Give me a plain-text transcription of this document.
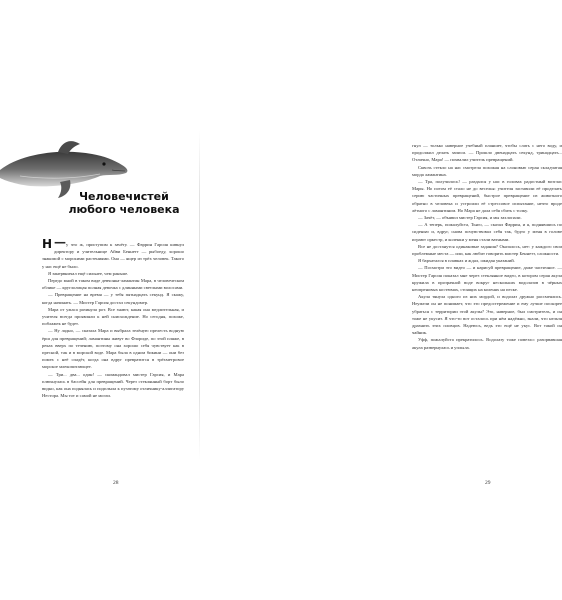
Человечистей
любого человека

—
Н	у что ж, приступим к зачёту. — Фаррин Гарсия кивнул директору и учительнице Айви Беннетт — рыбоеду, хорошо знакомой с морскими растениями. Она — ящер из трёх человек. Такого у нас ещё не было.

Я занервничал ещё сильнее, чем раньше.

Передо мной в таком виде девчонка-ламантин Мара, в человеческом облике — круглолицая полная девочка с длинными светлыми волосами.

— Превращение на время — у тебя пятнадцать секунд. Я скажу, когда начинать. — Мистер Гарсия достал секундомер.

Мара от ужаса разинула рот. Все знают, какая она медлительная, и учителя всегда проявляли к ней снисхождение. Но сегодня, похоже, поблажек не будет.

— Ну ладно, — сказала Мара и выбрала зелёную прелесть водную ёрш для превращений; ламантины живут во Флориде, по этой пляже, в реках вверх по течению, поэтому она хорошо себя чувствует как в пресной, так и в морской воде. Мара была в одном бикини — они без помех с неё спадёт, когда она вдруг превратится в трёхметровое морское млекопитающее.

— Три... два... один! — скомандовал мистер Гарсия, и Мара плюхнулась в бассейн для превращений. Через стеклянный борт было видно, как она поднялась и подплыла к пузатому отличнику-аллигатору Нестора. Мы тот и самой не могли.

28

гнул — только наверное учебный планшет, чтобы слать с него воду, и продолжил делать записи. — Прошло двенадцать секунд, тринадцать... Отлично, Мара! — похвалил учитель превращений.

Сквозь стекло на нас смотрела похожая на слоновью серая складчатая морда ламантина.

— Тра, получилось! — раздался у нас в головах радостный возглас Мары. Но потом её стало не до веселья: учителя заставили её проделать серию частичных превращений, быстрое превращение из животного обратно в человека и устроили её стрессовое испытание, нечто вроде лётного с ламантином. Но Мара не дала себя сбить с толку.

— Зачёт, — объявил мистер Гарсия, и мы захлопали.

— А теперь, пожалуйста, Тьяго, — сказал Фаррин, и я, поднявшись по сиденью и, вдруг, снова почувствовал себя так, будто у меня в голове играют оркестр, и коленки у меня стали ватными.

Все не достанутся одинаковые задания? Оказалось, нет: у каждого свои проблемные места — или, как любит говорить мистер Беннетт, сложности.

Я бархатался в плавках и ждал, ожидая указаний.

— Посмотри это видео — и нарисуй превращение, даже частичное. — Мистер Гарсия показал мне через стеклянное видео, в котором серая акула кружила в прозрачной воде вокруг нескольких водолазов в чёрных неопреновых костюмах, стоящих на коленях на песке.

Акула тянула одного из них мордой, и водолаз дружно рассмеялись. Неужели он не понимает, что это предостережение и ему лучше поскорее убраться с территории этой акулы? Это, наверное, был смотритель, и он тоже не укусит. Я что-то вот осталось при нём надёжно, знали, что нельзя дразнить этих пловцов. Надеюсь, ведь это ещё не укус. Вот такой он чайник.

Уфф, пожалуйста прекратилось. Водолазу тоже повезло: разорвавшая акула развернулась и уплыла.

29
